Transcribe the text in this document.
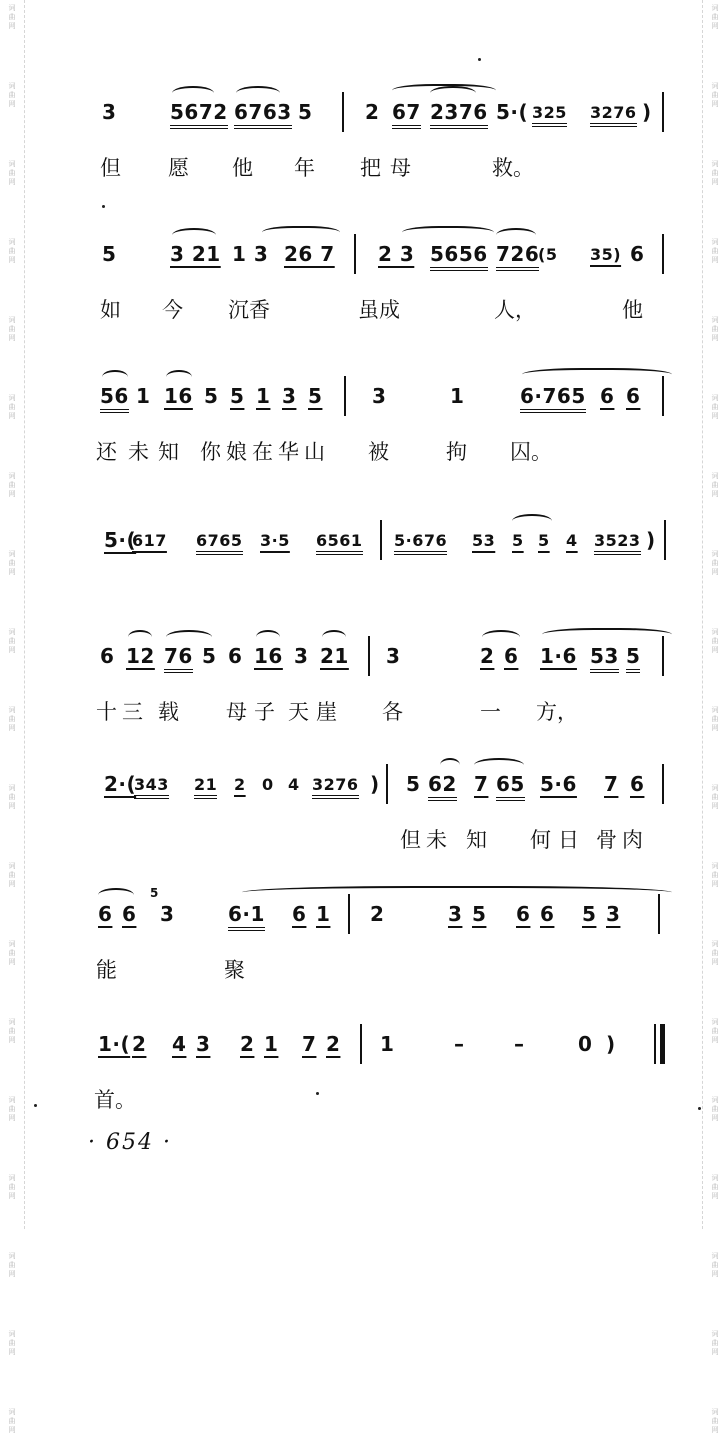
词
曲
网
词
曲
网
词
曲
网
词
曲
网
词
曲
网
词
曲
网
词
曲
网
词
曲
网
词
曲
网
词
曲
网
词
曲
网
词
曲
网
词
曲
网
词
曲
网
词
曲
网
词
曲
网
词
曲
网
词
曲
网
词
曲
网
词
曲
网
词
曲
网
词
曲
网
词
曲
网
词
曲
网
词
曲
网
词
曲
网
词
曲
网
词
曲
网
词
曲
网
词
曲
网
词
曲
网
词
曲
网
词
曲
网
词
曲
网
词
曲
网
词
曲
网
词
曲
网
词
曲
网
3	5672 6763 5	2 67 2376 5·( 325 3276 )
但 愿 他 年 把 母	救。
5	3 21 1 3 26 7 2 3 5656 726
(5 35) 6
如 今 沉香	虽成	人，	他
56 1 16 5 5 1 3 5 3	1	6·765 6 6
还 未 知 你 娘 在 华 山 被	拘 囚。
5·(
617 6765 3·5 6561 5·676 53 5 5 4 3523 )
6 12 76 5 6 16 3 21 3	2 6 1·6 53 5
十 三 载 母 子 天 崖 各	一 方，
2·(
343 21 2 0 4 3276 ) 5 62 7 65 5·6 7 6
但 未 知 何 日 骨 肉
6 6
5
3	6·1 6 1 2	3 5 6 6 5 3
能	聚
1·( 2 4 3 2 1 7 2 1	– –	0 )
首。
· 654 ·
